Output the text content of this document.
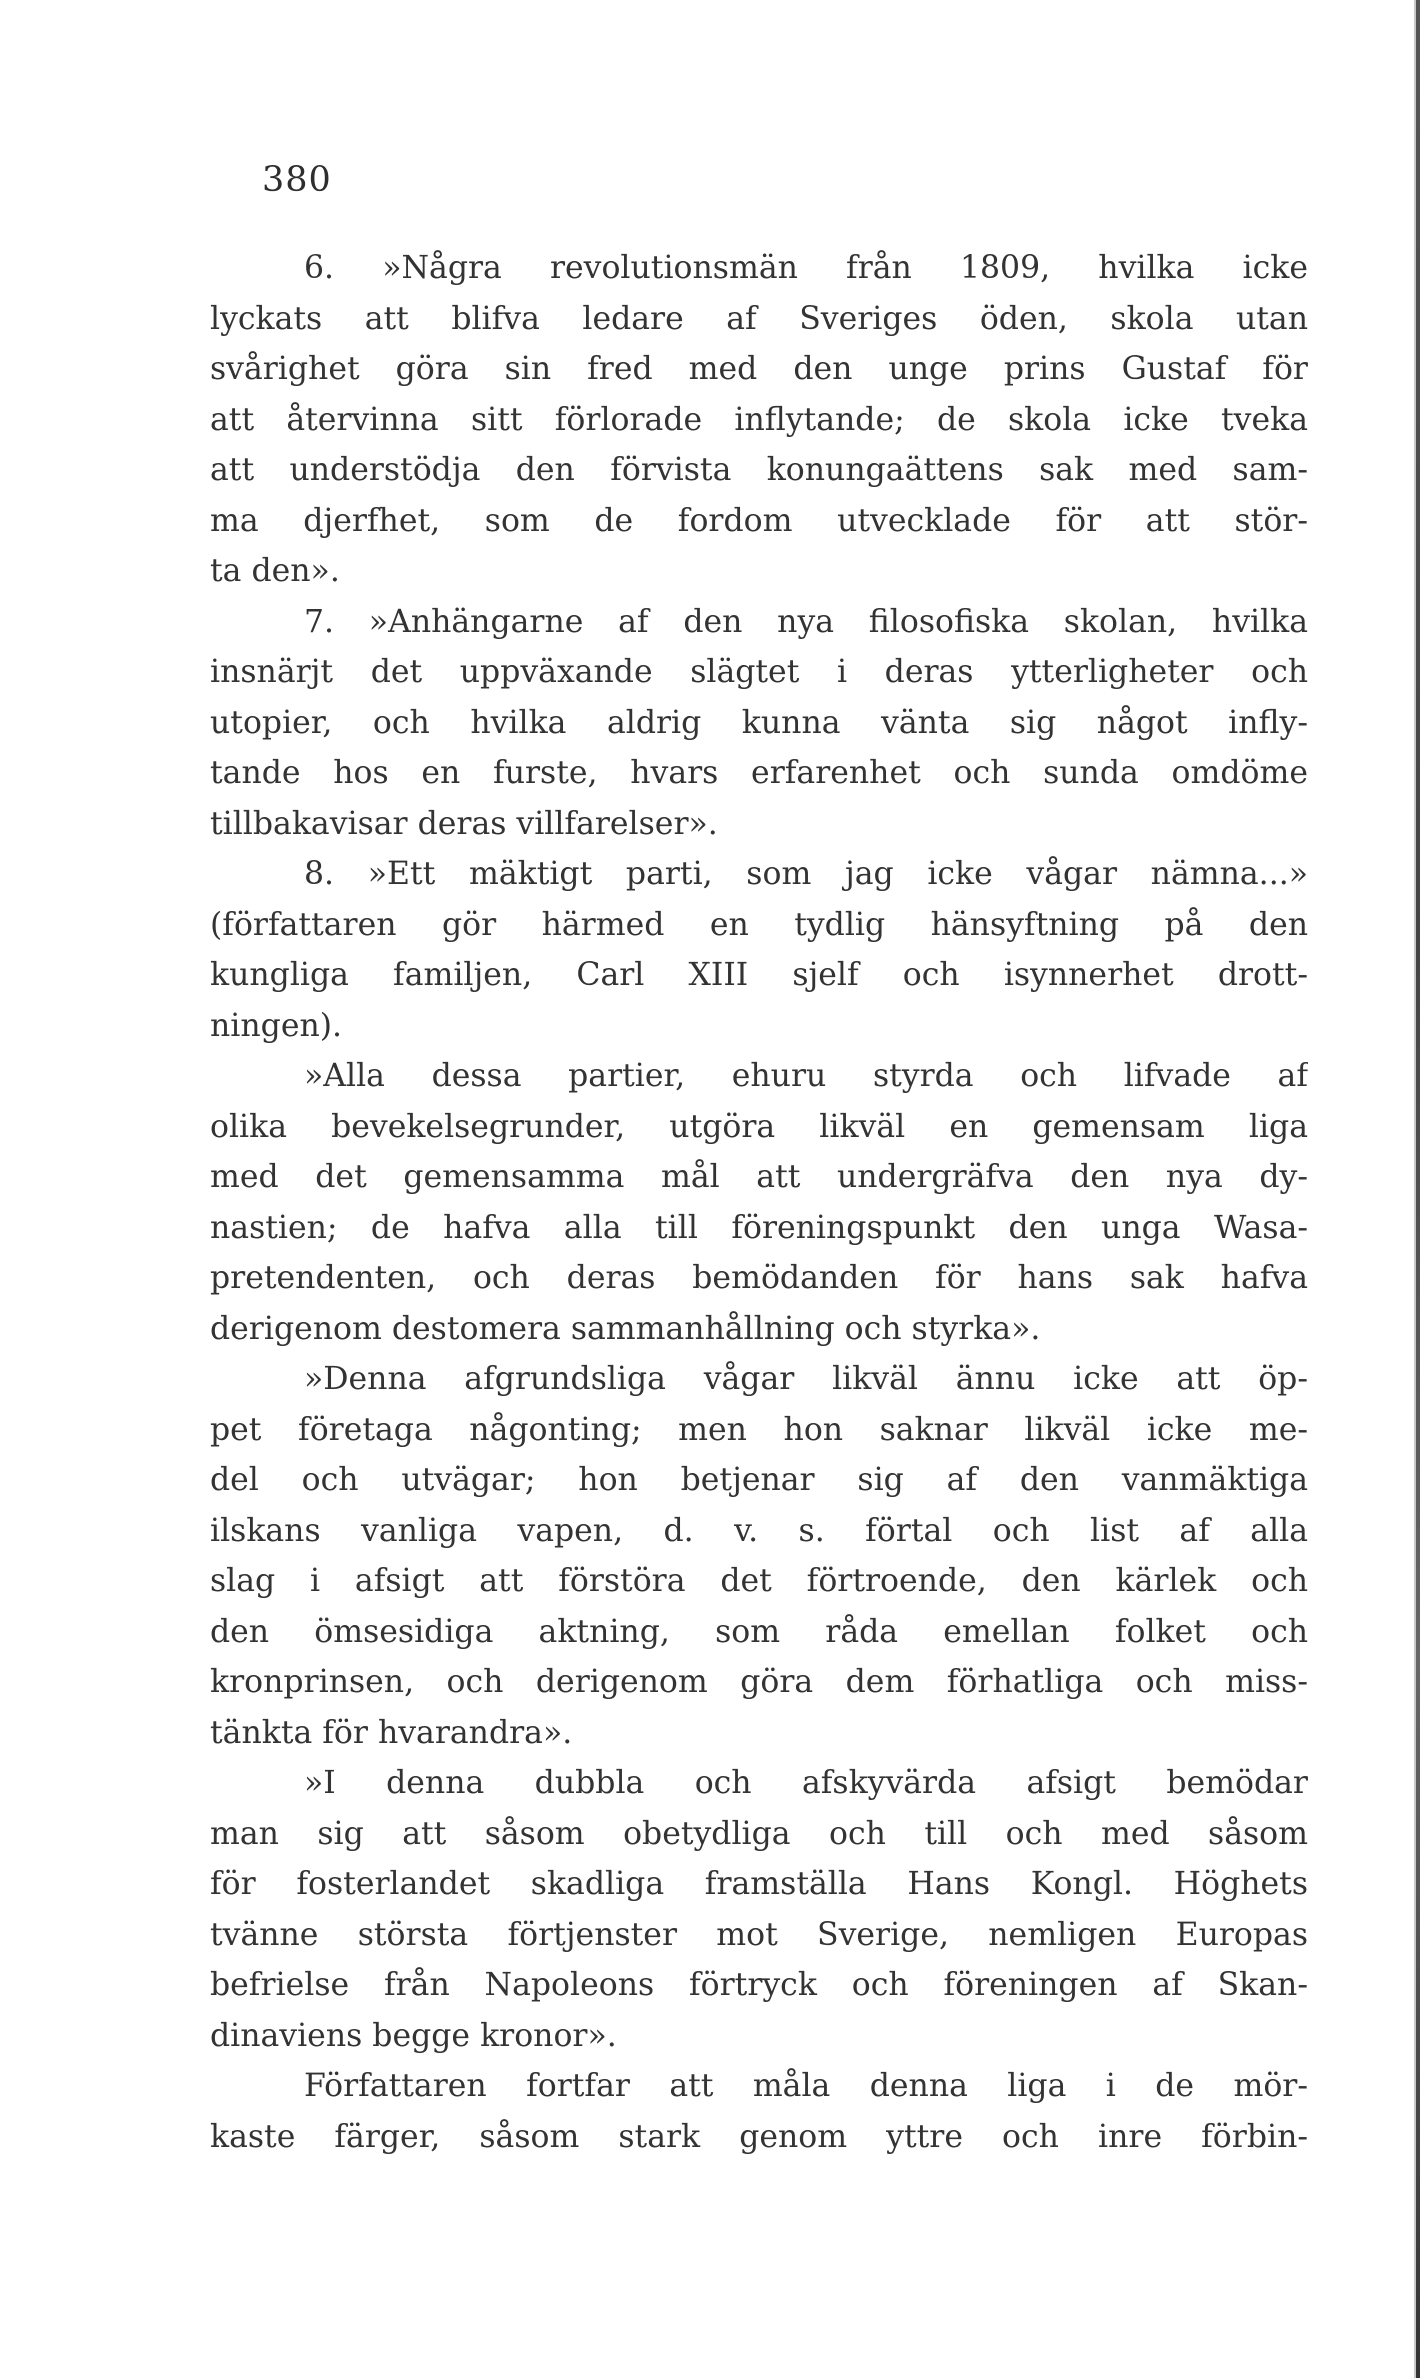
380
6. »Några revolutionsmän från 1809, hvilka icke
lyckats att blifva ledare af Sveriges öden, skola utan
svårighet göra sin fred med den unge prins Gustaf för
att återvinna sitt förlorade inflytande; de skola icke tveka
att understödja den förvista konungaättens sak med sam-
ma djerfhet, som de fordom utvecklade för att stör-
ta den».
7. »Anhängarne af den nya filosofiska skolan, hvilka
insnärjt det uppväxande slägtet i deras ytterligheter och
utopier, och hvilka aldrig kunna vänta sig något infly-
tande hos en furste, hvars erfarenhet och sunda omdöme
tillbakavisar deras villfarelser».
8. »Ett mäktigt parti, som jag icke vågar nämna...»
(författaren gör härmed en tydlig hänsyftning på den
kungliga familjen, Carl XIII sjelf och isynnerhet drott-
ningen).
»Alla dessa partier, ehuru styrda och lifvade af
olika bevekelsegrunder, utgöra likväl en gemensam liga
med det gemensamma mål att undergräfva den nya dy-
nastien; de hafva alla till föreningspunkt den unga Wasa-
pretendenten, och deras bemödanden för hans sak hafva
derigenom destomera sammanhållning och styrka».
»Denna afgrundsliga vågar likväl ännu icke att öp-
pet företaga någonting; men hon saknar likväl icke me-
del och utvägar; hon betjenar sig af den vanmäktiga
ilskans vanliga vapen, d. v. s. förtal och list af alla
slag i afsigt att förstöra det förtroende, den kärlek och
den ömsesidiga aktning, som råda emellan folket och
kronprinsen, och derigenom göra dem förhatliga och miss-
tänkta för hvarandra».
»I denna dubbla och afskyvärda afsigt bemödar
man sig att såsom obetydliga och till och med såsom
för fosterlandet skadliga framställa Hans Kongl. Höghets
tvänne största förtjenster mot Sverige, nemligen Europas
befrielse från Napoleons förtryck och föreningen af Skan-
dinaviens begge kronor».
Författaren fortfar att måla denna liga i de mör-
kaste färger, såsom stark genom yttre och inre förbin-
